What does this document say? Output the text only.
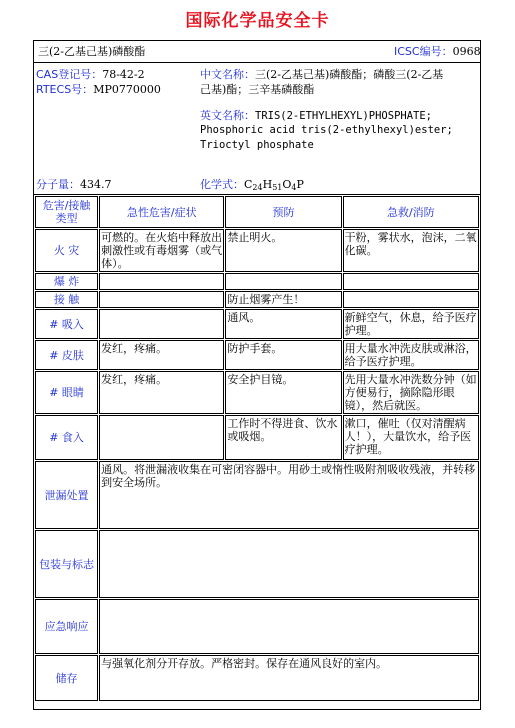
国际化学品安全卡
三(2-乙基己基)磷酸酯	ICSC编号：0968
CAS登记号：78-42-2
RTECS号：MP0770000
中文名称：三(2-乙基己基)磷酸酯；磷酸三(2-乙基
己基)酯；三辛基磷酸酯
英文名称：TRIS(2-ETHYLHEXYL)PHOSPHATE;
Phosphoric acid tris(2-ethylhexyl)ester;
Trioctyl phosphate
分子量：434.7	化学式：$C_{24}H_{51}O_4P$
危害/接触
类型	急性危害/症状	预防	急救/消防
火 灾	可燃的。在火焰中释放出刺激性或有毒烟雾（或气体）。	禁止明火。	干粉，雾状水，泡沫，二氧化碳。
爆 炸			
接 触		防止烟雾产生！	
# 吸入		通风。	新鲜空气，休息，给予医疗护理。
# 皮肤	发红，疼痛。	防护手套。	用大量水冲洗皮肤或淋浴，给予医疗护理。
# 眼睛	发红，疼痛。	安全护目镜。	先用大量水冲洗数分钟（如方便易行，摘除隐形眼镜），然后就医。
# 食入		工作时不得进食、饮水或吸烟。	漱口，催吐（仅对清醒病人！），大量饮水，给予医疗护理。
泄漏处置	通风。将泄漏液收集在可密闭容器中。用砂土或惰性吸附剂吸收残液，并转移到安全场所。		
包装与标志			
应急响应			
储存	与强氧化剂分开存放。严格密封。保存在通风良好的室内。		
